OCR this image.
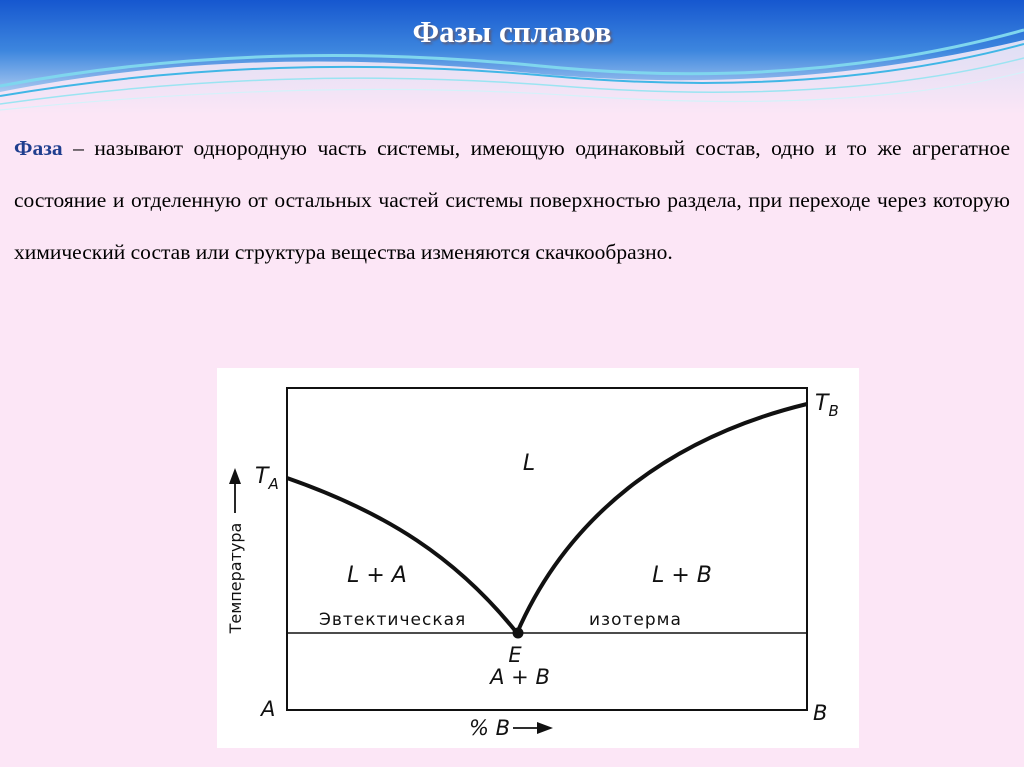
Фазы сплавов
Фаза – называют однородную часть системы, имеющую одинаковый состав, одно и то же агрегатное состояние и отделенную от остальных частей системы поверхностью раздела, при переходе через которую химический состав или структура вещества изменяются скачкообразно.
L
L + A	L + B
A + B
E
Эвтектическая	изотерма
$T_A$
$T_B$
A	B
Температура
% B
